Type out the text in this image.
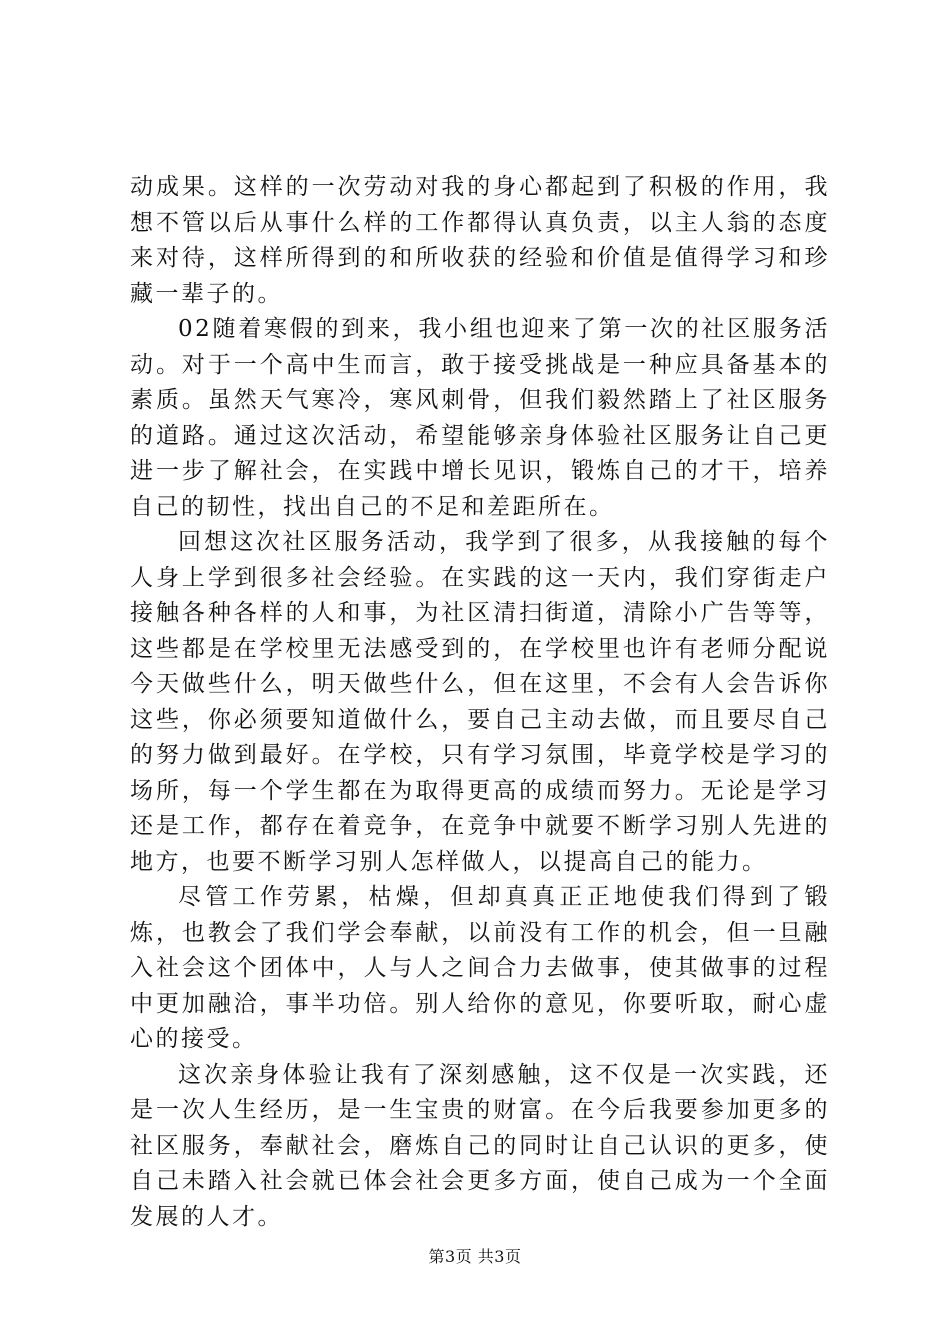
动成果。这样的一次劳动对我的身心都起到了积极的作用，我想不管以后从事什么样的工作都得认真负责，以主人翁的态度来对待，这样所得到的和所收获的经验和价值是值得学习和珍藏一辈子的。

02随着寒假的到来，我小组也迎来了第一次的社区服务活动。对于一个高中生而言，敢于接受挑战是一种应具备基本的素质。虽然天气寒冷，寒风刺骨，但我们毅然踏上了社区服务的道路。通过这次活动，希望能够亲身体验社区服务让自己更进一步了解社会，在实践中增长见识，锻炼自己的才干，培养自己的韧性，找出自己的不足和差距所在。

回想这次社区服务活动，我学到了很多，从我接触的每个人身上学到很多社会经验。在实践的这一天内，我们穿街走户接触各种各样的人和事，为社区清扫街道，清除小广告等等，这些都是在学校里无法感受到的，在学校里也许有老师分配说今天做些什么，明天做些什么，但在这里，不会有人会告诉你这些，你必须要知道做什么，要自己主动去做，而且要尽自己的努力做到最好。在学校，只有学习氛围，毕竟学校是学习的场所，每一个学生都在为取得更高的成绩而努力。无论是学习还是工作，都存在着竞争，在竞争中就要不断学习别人先进的地方，也要不断学习别人怎样做人，以提高自己的能力。

尽管工作劳累，枯燥，但却真真正正地使我们得到了锻炼，也教会了我们学会奉献，以前没有工作的机会，但一旦融入社会这个团体中，人与人之间合力去做事，使其做事的过程中更加融洽，事半功倍。别人给你的意见，你要听取，耐心虚心的接受。

这次亲身体验让我有了深刻感触，这不仅是一次实践，还是一次人生经历，是一生宝贵的财富。在今后我要参加更多的社区服务，奉献社会，磨炼自己的同时让自己认识的更多，使自己未踏入社会就已体会社会更多方面，使自己成为一个全面发展的人才。

第3页 共3页
